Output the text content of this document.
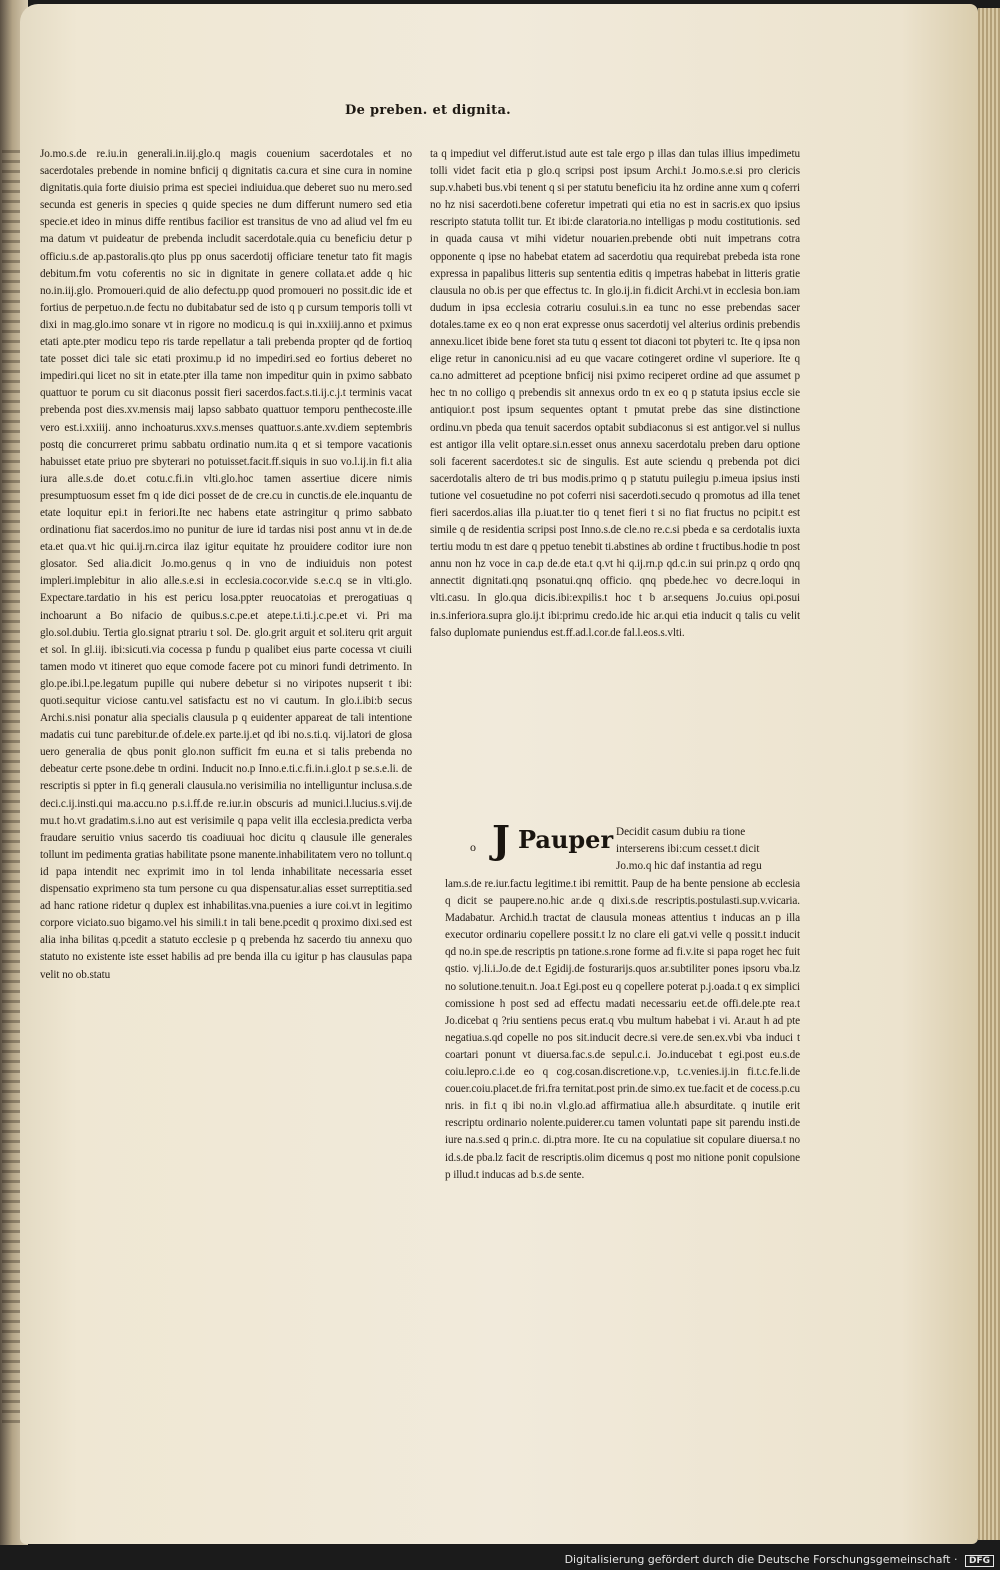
De preben. et dignita.
Jo.mo.s.de re.iu.in generali.in.iij.glo.q magis couenium sacerdotales et no sacerdotales prebende in nomine bnficij q dignitatis ca.cura et sine cura in nomine dignitatis.quia forte diuisio prima est speciei indiuidua.que deberet suo nu mero.sed secunda est generis in species q quide species ne dum differunt numero sed etia specie.et ideo in minus diffe rentibus facilior est transitus de vno ad aliud vel fm eu ma datum vt puideatur de prebenda includit sacerdotale.quia cu beneficiu detur p officiu.s.de ap.pastoralis.qto plus pp onus sacerdotij officiare tenetur tato fit magis debitum.fm votu coferentis no sic in dignitate in genere collata.et adde q hic no.in.iij.glo. Promoueri.quid de alio defectu.pp quod promoueri no possit.dic ide et fortius de perpetuo.n.de fectu no dubitabatur sed de isto q p cursum temporis tolli vt dixi in mag.glo.imo sonare vt in rigore no modicu.q is qui in.xxiiij.anno et pximus etati apte.pter modicu tepo ris tarde repellatur a tali prebenda propter qd de fortioq tate posset dici tale sic etati proximu.p id no impediri.sed eo fortius deberet no impediri.qui licet no sit in etate.pter illa tame non impeditur quin in pximo sabbato quattuor te porum cu sit diaconus possit fieri sacerdos.fact.s.ti.ij.c.j.t terminis vacat prebenda post dies.xv.mensis maij lapso sabbato quattuor temporu penthecoste.ille vero est.i.xxiiij. anno inchoaturus.xxv.s.menses quattuor.s.ante.xv.diem septembris postq die concurreret primu sabbatu ordinatio num.ita q et si tempore vacationis habuisset etate priuo pre sbyterari no potuisset.facit.ff.siquis in suo vo.l.ij.in fi.t alia iura alle.s.de do.et cotu.c.fi.in vlti.glo.hoc tamen assertiue dicere nimis presumptuosum esset fm q ide dici posset de de cre.cu in cunctis.de ele.inquantu de etate loquitur epi.t in feriori.Ite nec habens etate astringitur q primo sabbato ordinationu fiat sacerdos.imo no punitur de iure id tardas nisi post annu vt in de.de eta.et qua.vt hic qui.ij.rn.circa ilaz igitur equitate hz prouidere coditor iure non glosator. Sed alia.dicit Jo.mo.genus q in vno de indiuiduis non potest impleri.implebitur in alio alle.s.e.si in ecclesia.cocor.vide s.e.c.q se in vlti.glo. Expectare.tardatio in his est pericu losa.ppter reuocatoias et prerogatiuas q inchoarunt a Bo nifacio de quibus.s.c.pe.et atepe.t.i.ti.j.c.pe.et vi. Pri ma glo.sol.dubiu. Tertia glo.signat ptrariu t sol. De. glo.grit arguit et sol.iteru qrit arguit et sol. In gl.iij. ibi:sicuti.via cocessa p fundu p qualibet eius parte cocessa vt ciuili tamen modo vt itineret quo eque comode facere pot cu minori fundi detrimento. In glo.pe.ibi.l.pe.legatum pupille qui nubere debetur si no viripotes nupserit t ibi: quoti.sequitur viciose cantu.vel satisfactu est no vi cautum. In glo.i.ibi:b secus Archi.s.nisi ponatur alia specialis clausula p q euidenter appareat de tali intentione madatis cui tunc parebitur.de of.dele.ex parte.ij.et qd ibi no.s.ti.q. vij.latori de glosa uero generalia de qbus ponit glo.non sufficit fm eu.na et si talis prebenda no debeatur certe psone.debe tn ordini. Inducit no.p Inno.e.ti.c.fi.in.i.glo.t p se.s.e.li. de rescriptis si ppter in fi.q generali clausula.no verisimilia no intelliguntur inclusa.s.de deci.c.ij.insti.qui ma.accu.no p.s.i.ff.de re.iur.in obscuris ad munici.l.lucius.s.vij.de mu.t ho.vt gradatim.s.i.no aut est verisimile q papa velit illa ecclesia.predicta verba fraudare seruitio vnius sacerdo tis coadiuuai hoc dicitu q clausule ille generales tollunt im pedimenta gratias habilitate psone manente.inhabilitatem vero no tollunt.q id papa intendit nec exprimit imo in tol lenda inhabilitate necessaria esset dispensatio exprimeno sta tum persone cu qua dispensatur.alias esset surreptitia.sed ad hanc ratione ridetur q duplex est inhabilitas.vna.puenies a iure coi.vt in legitimo corpore viciato.suo bigamo.vel his simili.t in tali bene.pcedit q proximo dixi.sed est alia inha bilitas q.pcedit a statuto ecclesie p q prebenda hz sacerdo tiu annexu quo statuto no existente iste esset habilis ad pre benda illa cu igitur p has clausulas papa velit no ob.statu
ta q impediut vel differut.istud aute est tale ergo p illas dan tulas illius impedimetu tolli videt facit etia p glo.q scripsi post ipsum Archi.t Jo.mo.s.e.si pro clericis sup.v.habeti bus.vbi tenent q si per statutu beneficiu ita hz ordine anne xum q coferri no hz nisi sacerdoti.bene coferetur impetrati qui etia no est in sacris.ex quo ipsius rescripto statuta tollit tur. Et ibi:de claratoria.no intelligas p modu costitutionis. sed in quada causa vt mihi videtur nouarien.prebende obti nuit impetrans cotra opponente q ipse no habebat etatem ad sacerdotiu qua requirebat prebeda ista rone expressa in papalibus litteris sup sententia editis q impetras habebat in litteris gratie clausula no ob.is per que effectus tc. In glo.ij.in fi.dicit Archi.vt in ecclesia bon.iam dudum in ipsa ecclesia cotrariu cosului.s.in ea tunc no esse prebendas sacer dotales.tame ex eo q non erat expresse onus sacerdotij vel alterius ordinis prebendis annexu.licet ibide bene foret sta tutu q essent tot diaconi tot pbyteri tc. Ite q ipsa non elige retur in canonicu.nisi ad eu que vacare cotingeret ordine vl superiore. Ite q ca.no admitteret ad pceptione bnficij nisi pximo reciperet ordine ad que assumet p hec tn no colligo q prebendis sit annexus ordo tn ex eo q p statuta ipsius eccle sie antiquior.t post ipsum sequentes optant t pmutat prebe das sine distinctione ordinu.vn pbeda qua tenuit sacerdos optabit subdiaconus si est antigor.vel si nullus est antigor illa velit optare.si.n.esset onus annexu sacerdotalu preben daru optione soli facerent sacerdotes.t sic de singulis. Est aute sciendu q prebenda pot dici sacerdotalis altero de tri bus modis.primo q p statutu puilegiu p.imeua ipsius insti tutione vel cosuetudine no pot coferri nisi sacerdoti.secudo q promotus ad illa tenet fieri sacerdos.alias illa p.iuat.ter tio q tenet fieri t si no fiat fructus no pcipit.t est simile q de residentia scripsi post Inno.s.de cle.no re.c.si pbeda e sa cerdotalis iuxta tertiu modu tn est dare q ppetuo tenebit ti.abstines ab ordine t fructibus.hodie tn post annu non hz voce in ca.p de.de eta.t q.vt hi q.ij.rn.p qd.c.in sui prin.pz q ordo qnq annectit dignitati.qnq psonatui.qnq officio. qnq pbede.hec vo decre.loqui in vlti.casu. In glo.qua dicis.ibi:expilis.t hoc t b ar.sequens Jo.cuius opi.posui in.s.inferiora.supra glo.ij.t ibi:primu credo.ide hic ar.qui etia inducit q talis cu velit falso duplomate puniendus est.ff.ad.l.cor.de fal.l.eos.s.vlti.
o J Pauper Decidit casum dubiu ra tione interserens ibi:cum cesset.t dicit Jo.mo.q hic daf instantia ad regu
lam.s.de re.iur.factu legitime.t ibi remittit. Paup de ha bente pensione ab ecclesia q dicit se paupere.no.hic ar.de q dixi.s.de rescriptis.postulasti.sup.v.vicaria. Madabatur. Archid.h tractat de clausula moneas attentius t inducas an p illa executor ordinariu copellere possit.t lz no clare eli gat.vi velle q possit.t inducit qd no.in spe.de rescriptis pn tatione.s.rone forme ad fi.v.ite si papa roget hec fuit qstio. vj.li.i.Jo.de de.t Egidij.de fosturarijs.quos ar.subtiliter pones ipsoru vba.lz no solutione.tenuit.n. Joa.t Egi.post eu q copellere poterat p.j.oada.t q ex simplici comissione h post sed ad effectu madati necessariu eet.de offi.dele.pte rea.t Jo.dicebat q ?riu sentiens pecus erat.q vbu multum habebat i vi. Ar.aut h ad pte negatiua.s.qd copelle no pos sit.inducit decre.si vere.de sen.ex.vbi vba induci t coartari ponunt vt diuersa.fac.s.de sepul.c.i. Jo.inducebat t egi.post eu.s.de coiu.lepro.c.i.de eo q cog.cosan.discretione.v.p, t.c.venies.ij.in fi.t.c.fe.li.de couer.coiu.placet.de fri.fra ternitat.post prin.de simo.ex tue.facit et de cocess.p.cu nris. in fi.t q ibi no.in vl.glo.ad affirmatiua alle.h absurditate. q inutile erit rescriptu ordinario nolente.puiderer.cu tamen voluntati pape sit parendu insti.de iure na.s.sed q prin.c. di.ptra more. Ite cu na copulatiue sit copulare diuersa.t no id.s.de pba.lz facit de rescriptis.olim dicemus q post mo nitione ponit copulsione p illud.t inducas ad b.s.de sente.
Digitalisierung gefördert durch die Deutsche Forschungsgemeinschaft · DFG
